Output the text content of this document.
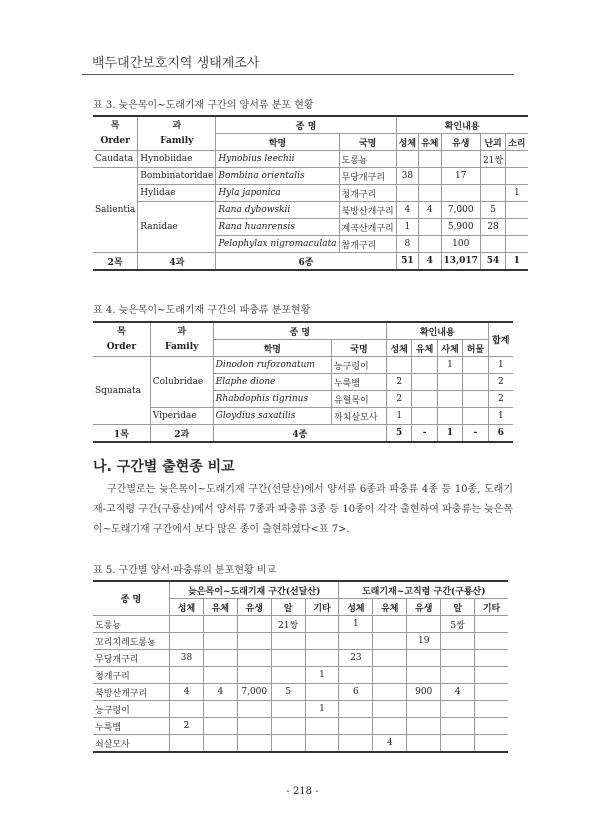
백두대간보호지역 생태계조사
표 3. 늦은목이~도래기재 구간의 양서류 분포 현황
목
Order	과
Family	종 명		확인내용				
		학명	국명	성체	유체	유생	난괴	소리
Caudata	Hynobiidae	Hynobius leechii	도롱뇽				21쌍	
Salientia	Bombinatoridae	Bombina orientalis	무당개구리	38		17		
	Hylidae	Hyla japonica	청개구리					1
	Ranidae	Rana dybowskii	북방산개구리	4	4	7,000	5	
		Rana huanrensis	계곡산개구리	1		5,900	28	
		Pelophylax nigromaculata	참개구리	8		100		
2목	4과	6종		51	4	13,017	54	1
표 4. 늦은목이~도래기재 구간의 파충류 분포현황
목
Order	과
Family	종 명		확인내용				합계
		학명	국명	성체	유체	사체	허물	
Squamata	Colubridae	Dinodon rufozonatum	능구렁이			1		1
		Elaphe dione	누룩뱀	2				2
		Rhabdophis tigrinus	유혈목이	2				2
	Viperidae	Gloydius saxatilis	까치살모사	1				1
1목	2과	4종		5	-	1	-	6
나. 구간별 출현종 비교
구간별로는 늦은목이~도래기재 구간(선달산)에서 양서류 6종과 파충류 4종 등 10종, 도래기재-고직령 구간(구룡산)에서 양서류 7종과 파충류 3종 등 10종이 각각 출현하여 파충류는 늦은목이~도래기재 구간에서 보다 많은 종이 출현하였다<표 7>.
표 5. 구간별 양서·파충류의 분포현황 비교
종 명	늦은목이~도래기재 구간(선달산)					도래기재~고직령 구간(구룡산)				
	성체	유체	유생	알	기타	성체	유체	유생	알	기타
도롱뇽				21쌍		1			5쌍	
꼬리치레도롱뇽								19		
무당개구리	38					23				
청개구리					1					
북방산개구리	4	4	7,000	5		6		900	4	
능구렁이					1					
누룩뱀	2									
쇠살모사							4			
- 218 -
